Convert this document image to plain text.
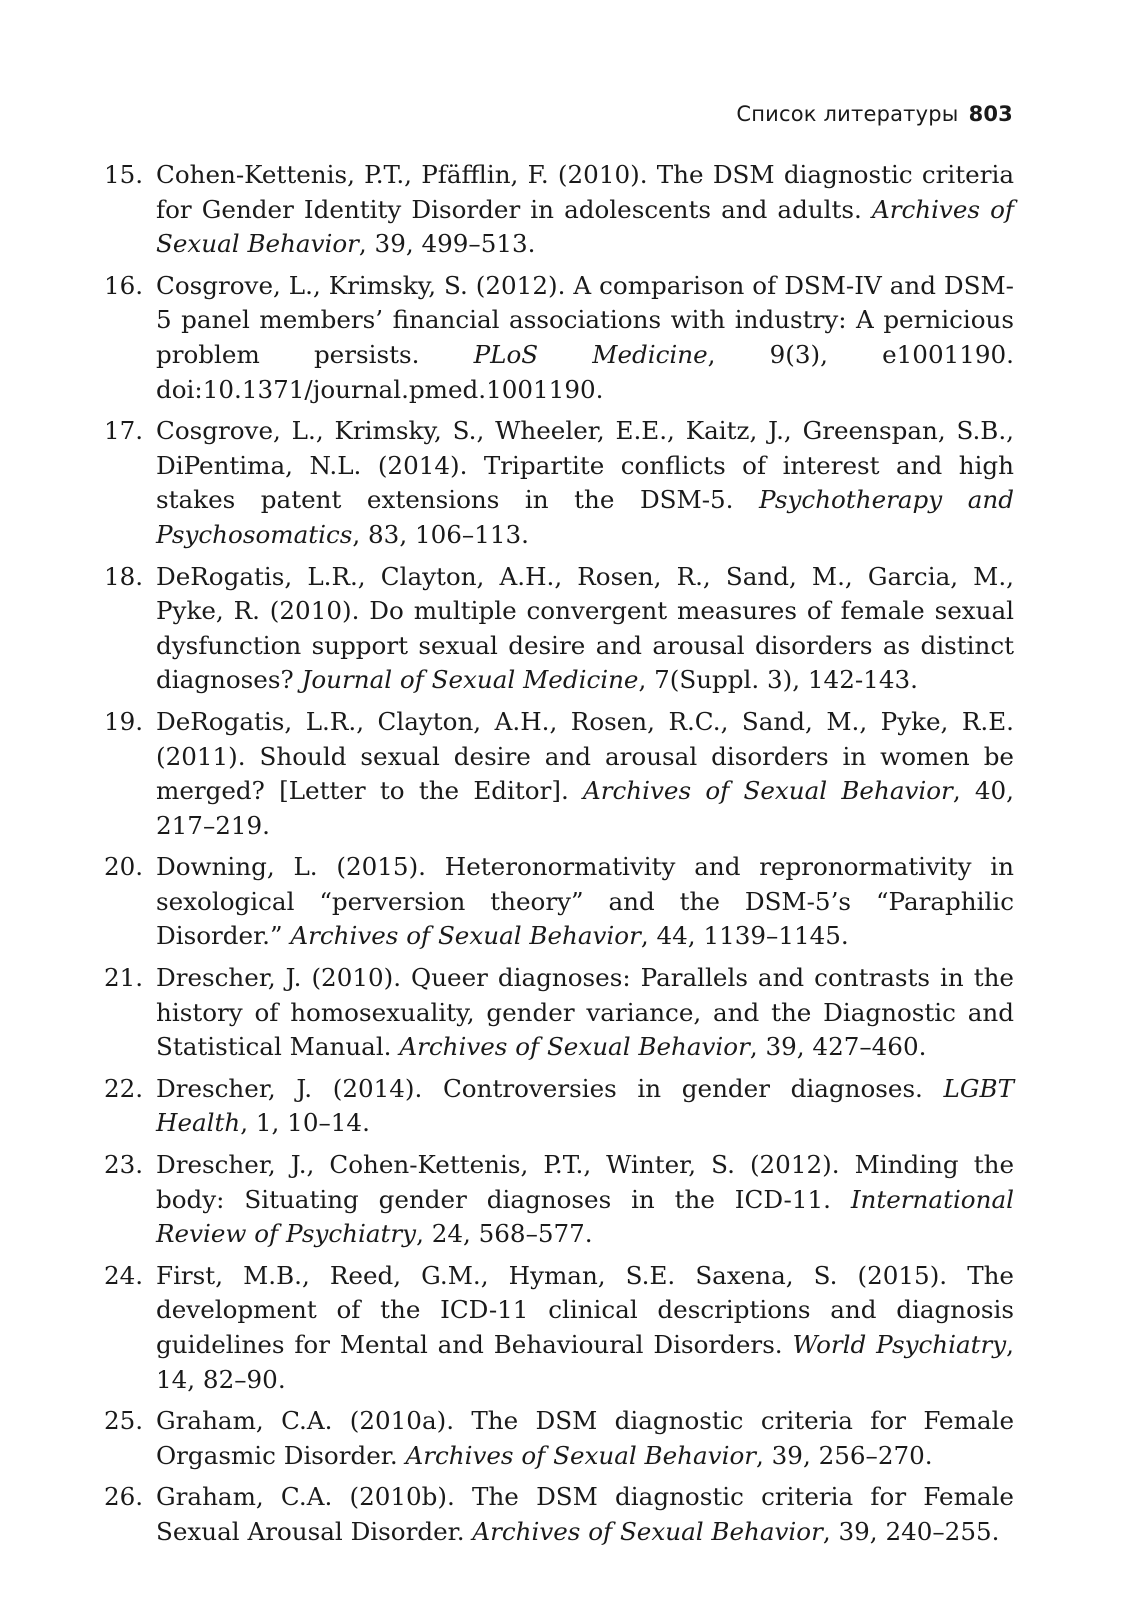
Список литературы 803
15. Cohen-Kettenis, P.T., Pfäfflin, F. (2010). The DSM diagnostic criteria for Gender Identity Disorder in adolescents and adults. Archives of Sexual Behavior, 39, 499–513.
16. Cosgrove, L., Krimsky, S. (2012). A comparison of DSM-IV and DSM-5 panel members’ financial associations with industry: A pernicious problem persists. PLoS Medicine, 9(3), e1001190. doi:10.1371/journal.pmed.1001190.
17. Cosgrove, L., Krimsky, S., Wheeler, E.E., Kaitz, J., Greenspan, S.B., DiPentima, N.L. (2014). Tripartite conflicts of interest and high stakes patent extensions in the DSM-5. Psychotherapy and Psychosomatics, 83, 106–113.
18. DeRogatis, L.R., Clayton, A.H., Rosen, R., Sand, M., Garcia, M., Pyke, R. (2010). Do multiple convergent measures of female sexual dysfunction support sexual desire and arousal disorders as distinct diagnoses? Journal of Sexual Medicine, 7(Suppl. 3), 142-143.
19. DeRogatis, L.R., Clayton, A.H., Rosen, R.C., Sand, M., Pyke, R.E. (2011). Should sexual desire and arousal disorders in women be merged? [Letter to the Editor]. Archives of Sexual Behavior, 40, 217–219.
20. Downing, L. (2015). Heteronormativity and repronormativity in sexological “perversion theory” and the DSM-5’s “Paraphilic Disorder.” Archives of Sexual Behavior, 44, 1139–1145.
21. Drescher, J. (2010). Queer diagnoses: Parallels and contrasts in the history of homosexuality, gender variance, and the Diagnostic and Statistical Manual. Archives of Sexual Behavior, 39, 427–460.
22. Drescher, J. (2014). Controversies in gender diagnoses. LGBT Health, 1, 10–14.
23. Drescher, J., Cohen-Kettenis, P.T., Winter, S. (2012). Minding the body: Situating gender diagnoses in the ICD-11. International Review of Psychiatry, 24, 568–577.
24. First, M.B., Reed, G.M., Hyman, S.E. Saxena, S. (2015). The development of the ICD-11 clinical descriptions and diagnosis guidelines for Mental and Behavioural Disorders. World Psychiatry, 14, 82–90.
25. Graham, C.A. (2010a). The DSM diagnostic criteria for Female Orgasmic Disorder. Archives of Sexual Behavior, 39, 256–270.
26. Graham, C.A. (2010b). The DSM diagnostic criteria for Female Sexual Arousal Disorder. Archives of Sexual Behavior, 39, 240–255.
